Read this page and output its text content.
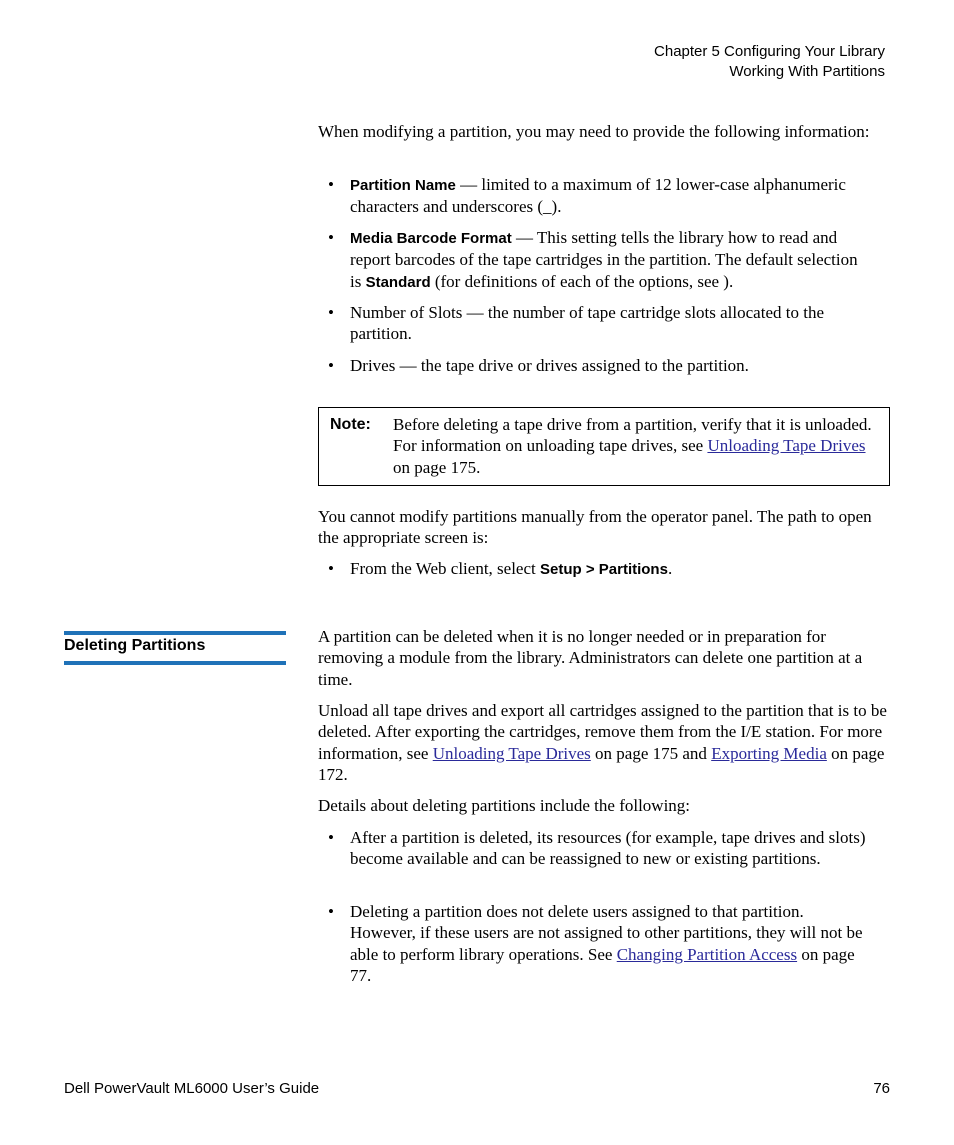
Chapter 5 Configuring Your Library
Working With Partitions

When modifying a partition, you may need to provide the following information:

• Partition Name — limited to a maximum of 12 lower-case alphanumeric characters and underscores (_).
• Media Barcode Format — This setting tells the library how to read and report barcodes of the tape cartridges in the partition. The default selection is Standard (for definitions of each of the options, see ).
• Number of Slots — the number of tape cartridge slots allocated to the partition.
• Drives — the tape drive or drives assigned to the partition.
Note: Before deleting a tape drive from a partition, verify that it is unloaded. For information on unloading tape drives, see Unloading Tape Drives on page 175.

You cannot modify partitions manually from the operator panel. The path to open the appropriate screen is:

• From the Web client, select Setup > Partitions.
Deleting Partitions	A partition can be deleted when it is no longer needed or in preparation for removing a module from the library. Administrators can delete one partition at a time.

Unload all tape drives and export all cartridges assigned to the partition that is to be deleted. After exporting the cartridges, remove them from the I/E station. For more information, see Unloading Tape Drives on page 175 and Exporting Media on page 172.

Details about deleting partitions include the following:

• After a partition is deleted, its resources (for example, tape drives and slots) become available and can be reassigned to new or existing partitions.
• Deleting a partition does not delete users assigned to that partition. However, if these users are not assigned to other partitions, they will not be able to perform library operations. See Changing Partition Access on page 77.
Dell PowerVault ML6000 User’s Guide	76
